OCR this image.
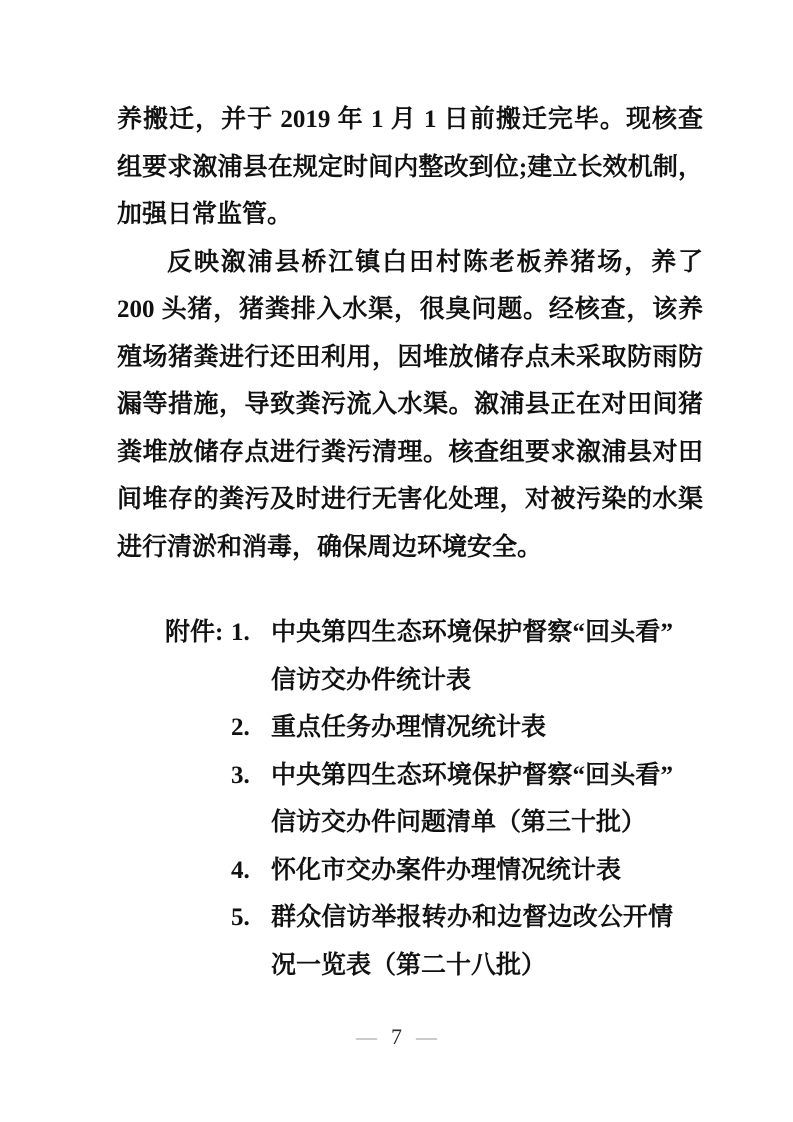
养搬迁，并于 2019 年 1 月 1 日前搬迁完毕。现核查
组要求溆浦县在规定时间内整改到位;建立长效机制，
加强日常监管。
反映溆浦县桥江镇白田村陈老板养猪场，养了
200 头猪，猪粪排入水渠，很臭问题。经核查，该养
殖场猪粪进行还田利用，因堆放储存点未采取防雨防
漏等措施，导致粪污流入水渠。溆浦县正在对田间猪
粪堆放储存点进行粪污清理。核查组要求溆浦县对田
间堆存的粪污及时进行无害化处理，对被污染的水渠
进行清淤和消毒，确保周边环境安全。
附件: 1. 中央第四生态环境保护督察“回头看”
信访交办件统计表
2. 重点任务办理情况统计表
3. 中央第四生态环境保护督察“回头看”
信访交办件问题清单（第三十批）
4. 怀化市交办案件办理情况统计表
5. 群众信访举报转办和边督边改公开情
况一览表（第二十八批）
— 7 —
